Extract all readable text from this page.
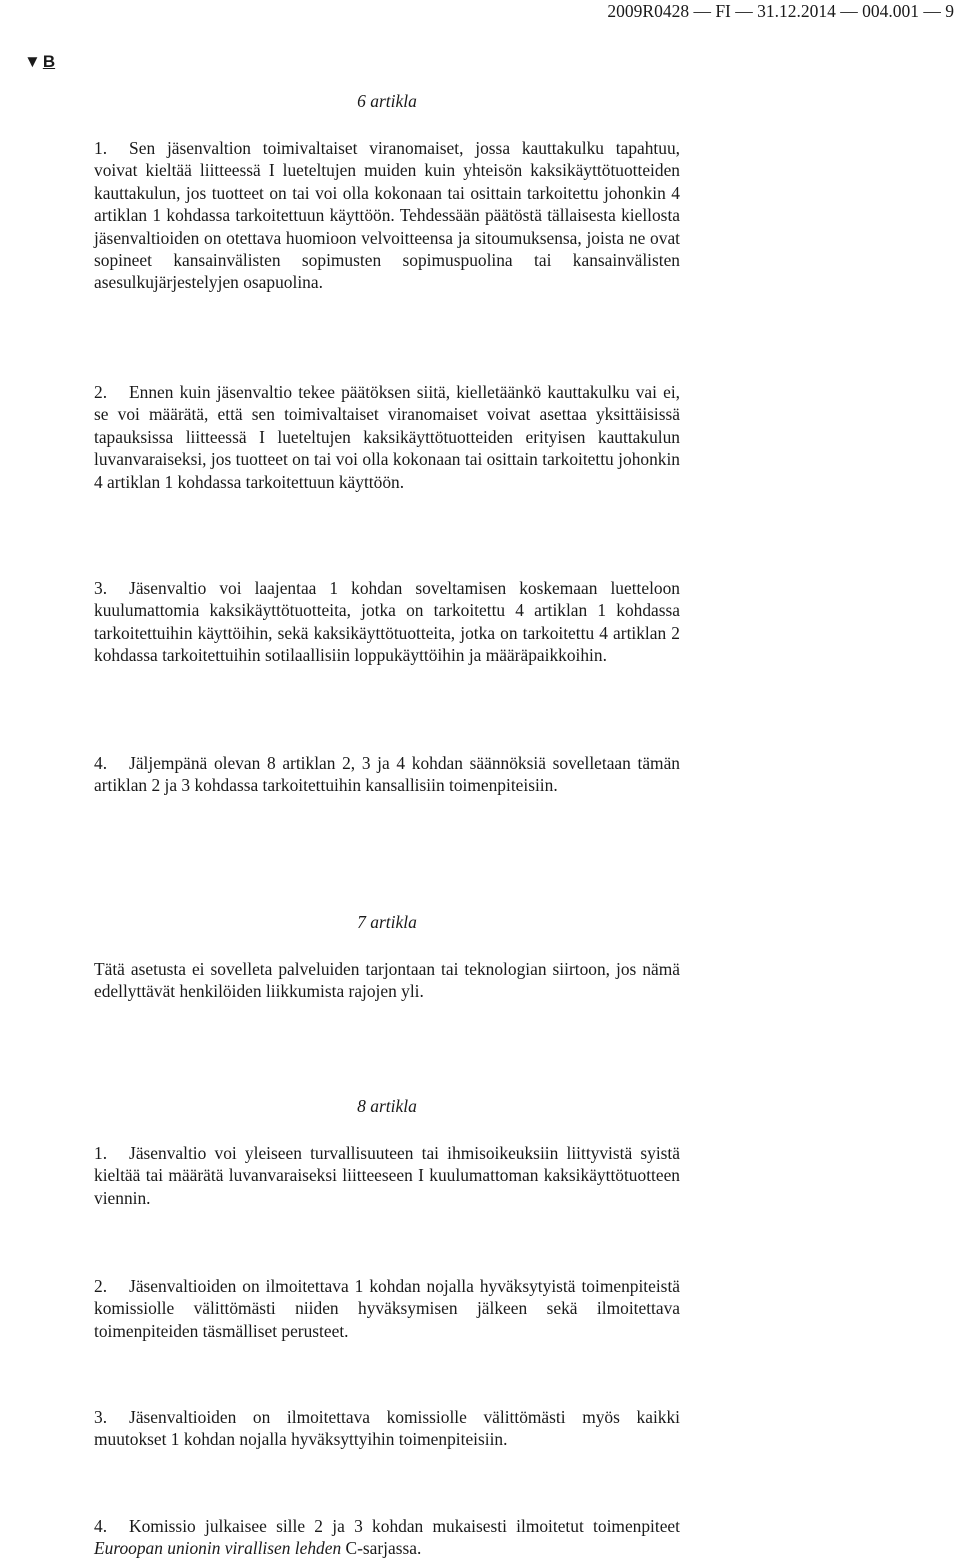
2009R0428 — FI — 31.12.2014 — 004.001 — 9
▼ B
6 artikla

1. Sen jäsenvaltion toimivaltaiset viranomaiset, jossa kauttakulku tapahtuu, voivat kieltää liitteessä I lueteltujen muiden kuin yhteisön kaksikäyttötuotteiden kauttakulun, jos tuotteet on tai voi olla kokonaan tai osittain tarkoitettu johonkin 4 artiklan 1 kohdassa tarkoitettuun käyttöön. Tehdessään päätöstä tällaisesta kiellosta jäsenvaltioiden on otettava huomioon velvoitteensa ja sitoumuksensa, joista ne ovat sopineet kansainvälisten sopimusten sopimuspuolina tai kansainvälisten asesulkujärjestelyjen osapuolina.

2. Ennen kuin jäsenvaltio tekee päätöksen siitä, kielletäänkö kauttakulku vai ei, se voi määrätä, että sen toimivaltaiset viranomaiset voivat asettaa yksittäisissä tapauksissa liitteessä I lueteltujen kaksikäyttötuotteiden erityisen kauttakulun luvanvaraiseksi, jos tuotteet on tai voi olla kokonaan tai osittain tarkoitettu johonkin 4 artiklan 1 kohdassa tarkoitettuun käyttöön.

3. Jäsenvaltio voi laajentaa 1 kohdan soveltamisen koskemaan luetteloon kuulumattomia kaksikäyttötuotteita, jotka on tarkoitettu 4 artiklan 1 kohdassa tarkoitettuihin käyttöihin, sekä kaksikäyttötuotteita, jotka on tarkoitettu 4 artiklan 2 kohdassa tarkoitettuihin sotilaallisiin loppukäyttöihin ja määräpaikkoihin.

4. Jäljempänä olevan 8 artiklan 2, 3 ja 4 kohdan säännöksiä sovelletaan tämän artiklan 2 ja 3 kohdassa tarkoitettuihin kansallisiin toimenpiteisiin.

7 artikla

Tätä asetusta ei sovelleta palveluiden tarjontaan tai teknologian siirtoon, jos nämä edellyttävät henkilöiden liikkumista rajojen yli.

8 artikla

1. Jäsenvaltio voi yleiseen turvallisuuteen tai ihmisoikeuksiin liittyvistä syistä kieltää tai määrätä luvanvaraiseksi liitteeseen I kuulumattoman kaksikäyttötuotteen viennin.

2. Jäsenvaltioiden on ilmoitettava 1 kohdan nojalla hyväksytyistä toimenpiteistä komissiolle välittömästi niiden hyväksymisen jälkeen sekä ilmoitettava toimenpiteiden täsmälliset perusteet.

3. Jäsenvaltioiden on ilmoitettava komissiolle välittömästi myös kaikki muutokset 1 kohdan nojalla hyväksyttyihin toimenpiteisiin.

4. Komissio julkaisee sille 2 ja 3 kohdan mukaisesti ilmoitetut toimenpiteet Euroopan unionin virallisen lehden C-sarjassa.
